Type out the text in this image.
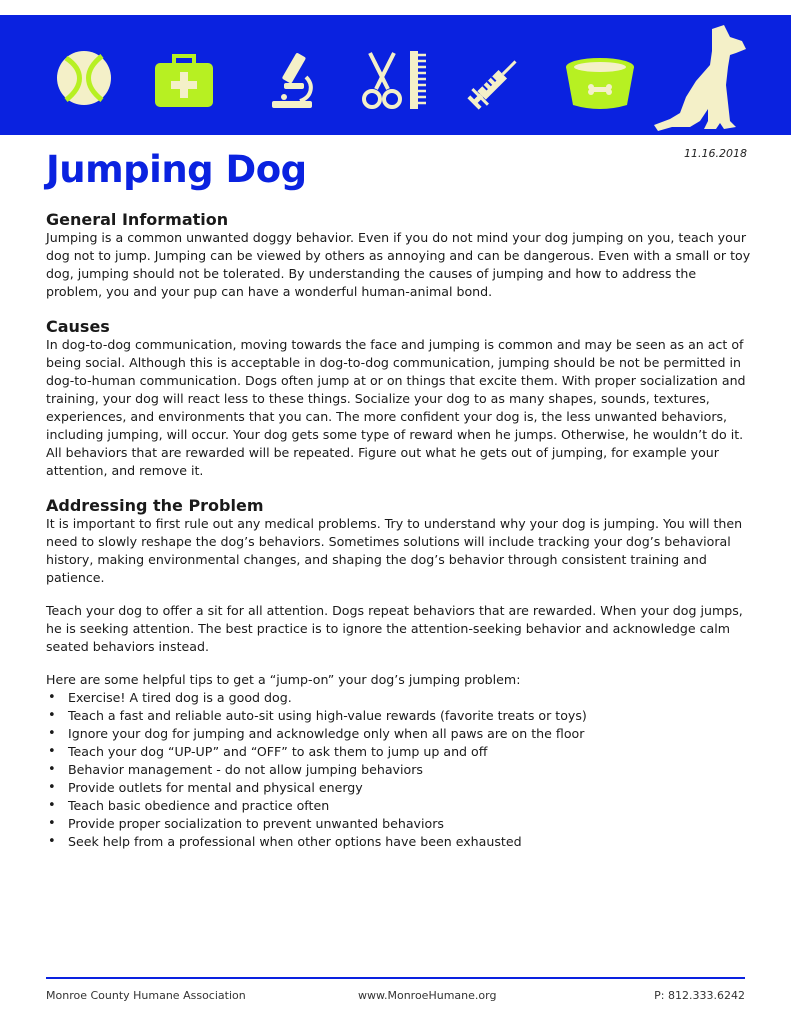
11.16.2018
Jumping Dog
General Information

Jumping is a common unwanted doggy behavior. Even if you do not mind your dog jumping on you, teach your dog not to jump. Jumping can be viewed by others as annoying and can be dangerous. Even with a small or toy dog, jumping should not be tolerated. By understanding the causes of jumping and how to address the problem, you and your pup can have a wonderful human-animal bond.

Causes

In dog-to-dog communication, moving towards the face and jumping is common and may be seen as an act of being social. Although this is acceptable in dog-to-dog communication, jumping should be not be permitted in dog-to-human communication. Dogs often jump at or on things that excite them. With proper socialization and training, your dog will react less to these things. Socialize your dog to as many shapes, sounds, textures, experiences, and environments that you can. The more confident your dog is, the less unwanted behaviors, including jumping, will occur. Your dog gets some type of reward when he jumps. Otherwise, he wouldn’t do it. All behaviors that are rewarded will be repeated. Figure out what he gets out of jumping, for example your attention, and remove it.

Addressing the Problem

It is important to first rule out any medical problems. Try to understand why your dog is jumping. You will then need to slowly reshape the dog’s behaviors. Sometimes solutions will include tracking your dog’s behavioral history, making environmental changes, and shaping the dog’s behavior through consistent training and patience.

Teach your dog to offer a sit for all attention. Dogs repeat behaviors that are rewarded. When your dog jumps, he is seeking attention. The best practice is to ignore the attention-seeking behavior and acknowledge calm seated behaviors instead.

Here are some helpful tips to get a “jump-on” your dog’s jumping problem:

• Exercise! A tired dog is a good dog.
• Teach a fast and reliable auto-sit using high-value rewards (favorite treats or toys)
• Ignore your dog for jumping and acknowledge only when all paws are on the floor
• Teach your dog “UP-UP” and “OFF” to ask them to jump up and off
• Behavior management - do not allow jumping behaviors
• Provide outlets for mental and physical energy
• Teach basic obedience and practice often
• Provide proper socialization to prevent unwanted behaviors
• Seek help from a professional when other options have been exhausted
Monroe County Humane Association	www.MonroeHumane.org	P: 812.333.6242
